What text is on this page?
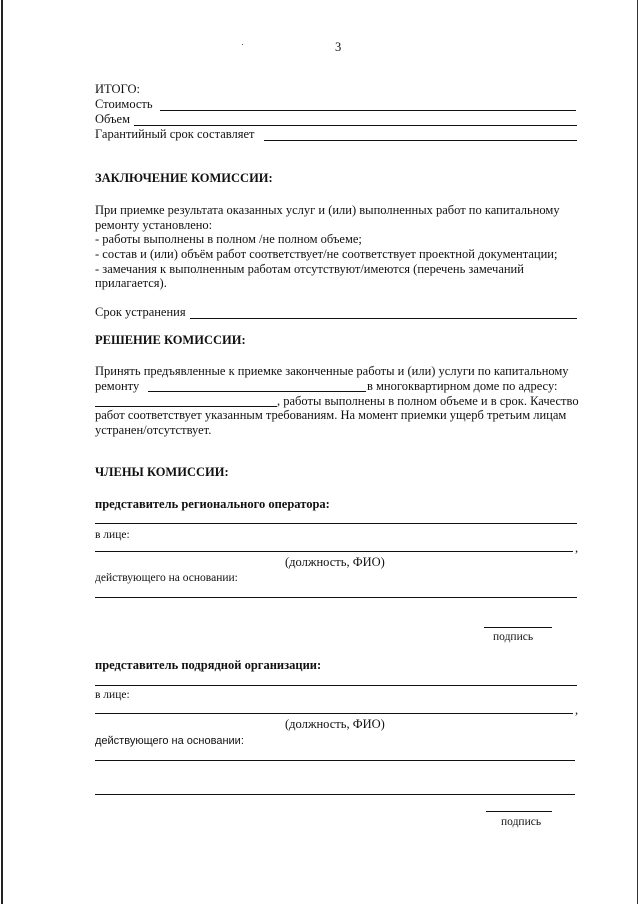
3
ИТОГО:
Стоимость
Объем
Гарантийный срок составляет
ЗАКЛЮЧЕНИЕ КОМИССИИ:
При приемке результата оказанных услуг и (или) выполненных работ по капитальному
ремонту установлено:
- работы выполнены в полном /не полном объеме;
- состав и (или) объём работ соответствует/не соответствует проектной документации;
- замечания к выполненным работам отсутствуют/имеются (перечень замечаний
прилагается).
Срок устранения
РЕШЕНИЕ КОМИССИИ:
Принять предъявленные к приемке законченные работы и (или) услуги по капитальному
ремонту	в многоквартирном доме по адресу:
, работы выполнены в полном объеме и в срок. Качество
работ соответствует указанным требованиям. На момент приемки ущерб третьим лицам
устранен/отсутствует.
ЧЛЕНЫ КОМИССИИ:
представитель регионального оператора:
в лице:
,
(должность, ФИО)
действующего на основании:
подпись
представитель подрядной организации:
в лице:
,
(должность, ФИО)
действующего на основании:
подпись
